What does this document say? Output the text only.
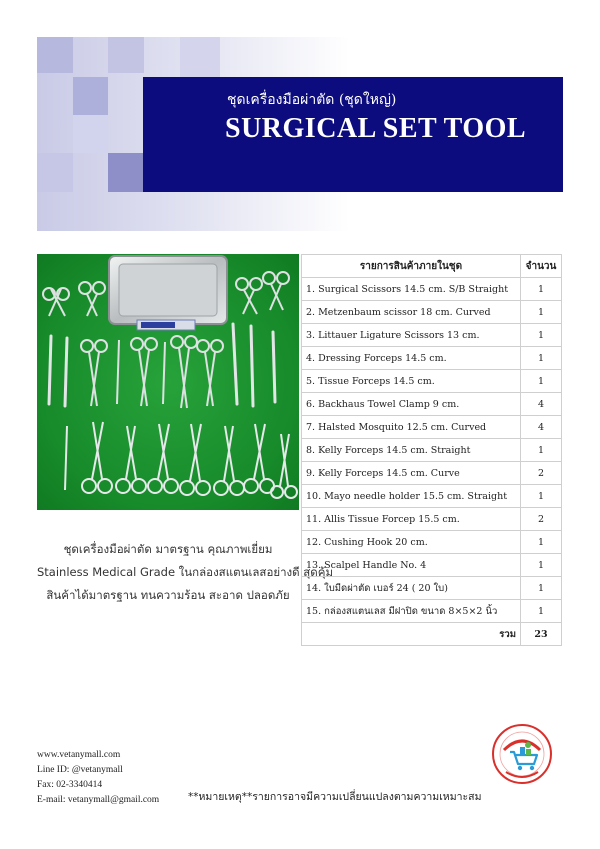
ชุดเครื่องมือผ่าตัด (ชุดใหญ่)
SURGICAL SET TOOL
ชุดเครื่องมือผ่าตัด มาตรฐาน คุณภาพเยี่ยม
Stainless Medical Grade ในกล่องสแตนเลสอย่างดี สุดคุ้ม
สินค้าได้มาตรฐาน ทนความร้อน สะอาด ปลอดภัย
รายการสินค้าภายในชุด	จำนวน
1. Surgical Scissors 14.5 cm. S/B Straight	1
2. Metzenbaum scissor 18 cm. Curved	1
3. Littauer Ligature Scissors 13 cm.	1
4. Dressing Forceps 14.5 cm.	1
5. Tissue Forceps 14.5 cm.	1
6. Backhaus Towel Clamp 9 cm.	4
7. Halsted Mosquito 12.5 cm. Curved	4
8. Kelly Forceps 14.5 cm. Straight	1
9. Kelly Forceps 14.5 cm. Curve	2
10. Mayo needle holder 15.5 cm. Straight	1
11. Allis Tissue Forcep 15.5 cm.	2
12. Cushing Hook 20 cm.	1
13. Scalpel Handle No. 4	1
14. ใบมีดผ่าตัด เบอร์ 24 ( 20 ใบ)	1
15. กล่องสแตนเลส มีฝาปิด ขนาด 8×5×2 นิ้ว	1
รวม	23
www.vetanymall.com
Line ID: @vetanymall
Fax: 02-3340414
E-mail: vetanymall@gmail.com	**หมายเหตุ**รายการอาจมีความเปลี่ยนแปลงตามความเหมาะสม
